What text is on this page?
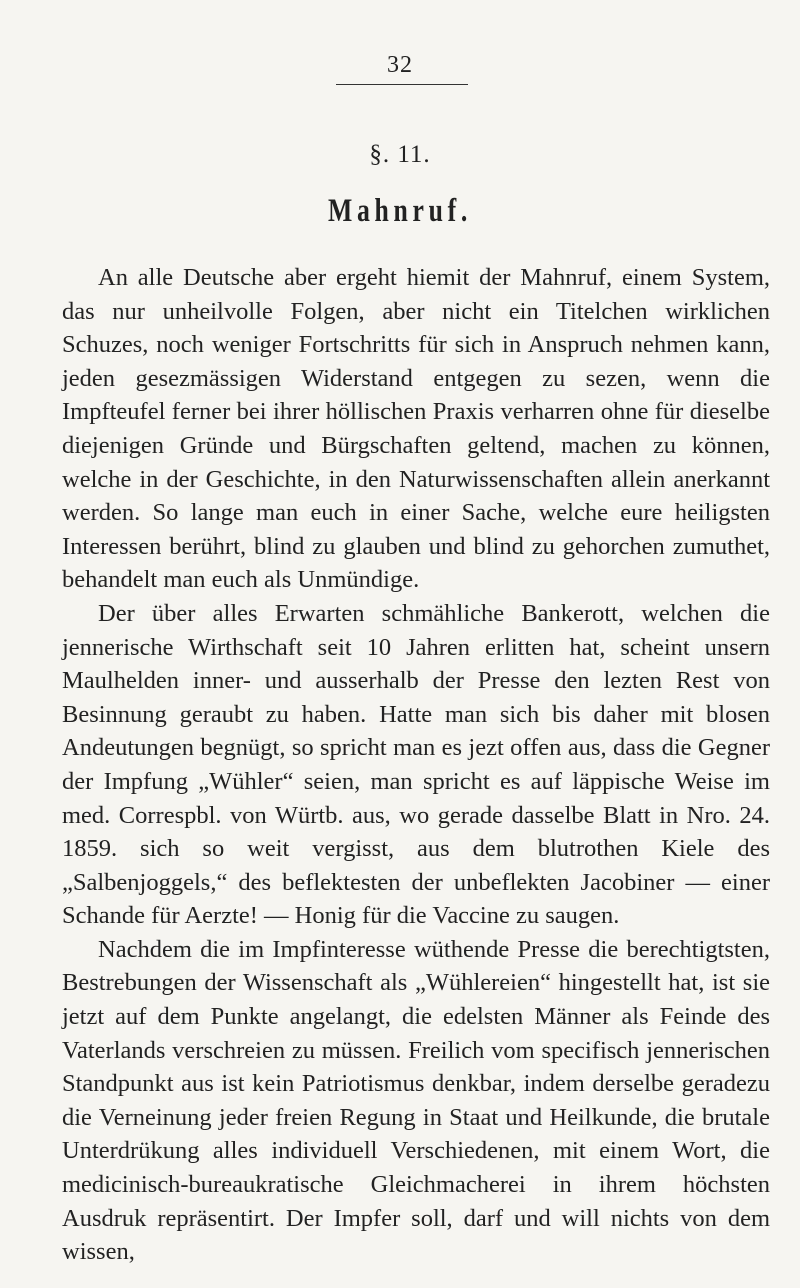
32
§. 11.
Mahnruf.

An alle Deutsche aber ergeht hiemit der Mahnruf, einem System, das nur unheilvolle Folgen, aber nicht ein Titelchen wirklichen Schuzes, noch weniger Fortschritts für sich in Anspruch nehmen kann, jeden gesezmässigen Widerstand entgegen zu sezen, wenn die Impfteufel ferner bei ihrer höllischen Praxis verharren ohne für dieselbe diejenigen Gründe und Bürgschaften geltend, machen zu können, welche in der Geschichte, in den Naturwissenschaften allein anerkannt werden. So lange man euch in einer Sache, welche eure heiligsten Interessen berührt, blind zu glauben und blind zu gehorchen zumuthet, behandelt man euch als Unmündige.

Der über alles Erwarten schmähliche Bankerott, welchen die jennerische Wirthschaft seit 10 Jahren erlitten hat, scheint unsern Maulhelden inner- und ausserhalb der Presse den lezten Rest von Besinnung geraubt zu haben. Hatte man sich bis daher mit blosen Andeutungen begnügt, so spricht man es jezt offen aus, dass die Gegner der Impfung „Wühler“ seien, man spricht es auf läppische Weise im med. Correspbl. von Würtb. aus, wo gerade dasselbe Blatt in Nro. 24. 1859. sich so weit vergisst, aus dem blutrothen Kiele des „Salbenjoggels,“ des beflektesten der unbeflekten Jacobiner — einer Schande für Aerzte! — Honig für die Vaccine zu saugen.

Nachdem die im Impfinteresse wüthende Presse die berechtigtsten, Bestrebungen der Wissenschaft als „Wühlereien“ hingestellt hat, ist sie jetzt auf dem Punkte angelangt, die edelsten Männer als Feinde des Vaterlands verschreien zu müssen. Freilich vom specifisch jennerischen Standpunkt aus ist kein Patriotismus denkbar, indem derselbe geradezu die Verneinung jeder freien Regung in Staat und Heilkunde, die brutale Unterdrükung alles individuell Verschiedenen, mit einem Wort, die medicinisch-bureaukratische Gleichmacherei in ihrem höchsten Ausdruk repräsentirt. Der Impfer soll, darf und will nichts von dem wissen,
